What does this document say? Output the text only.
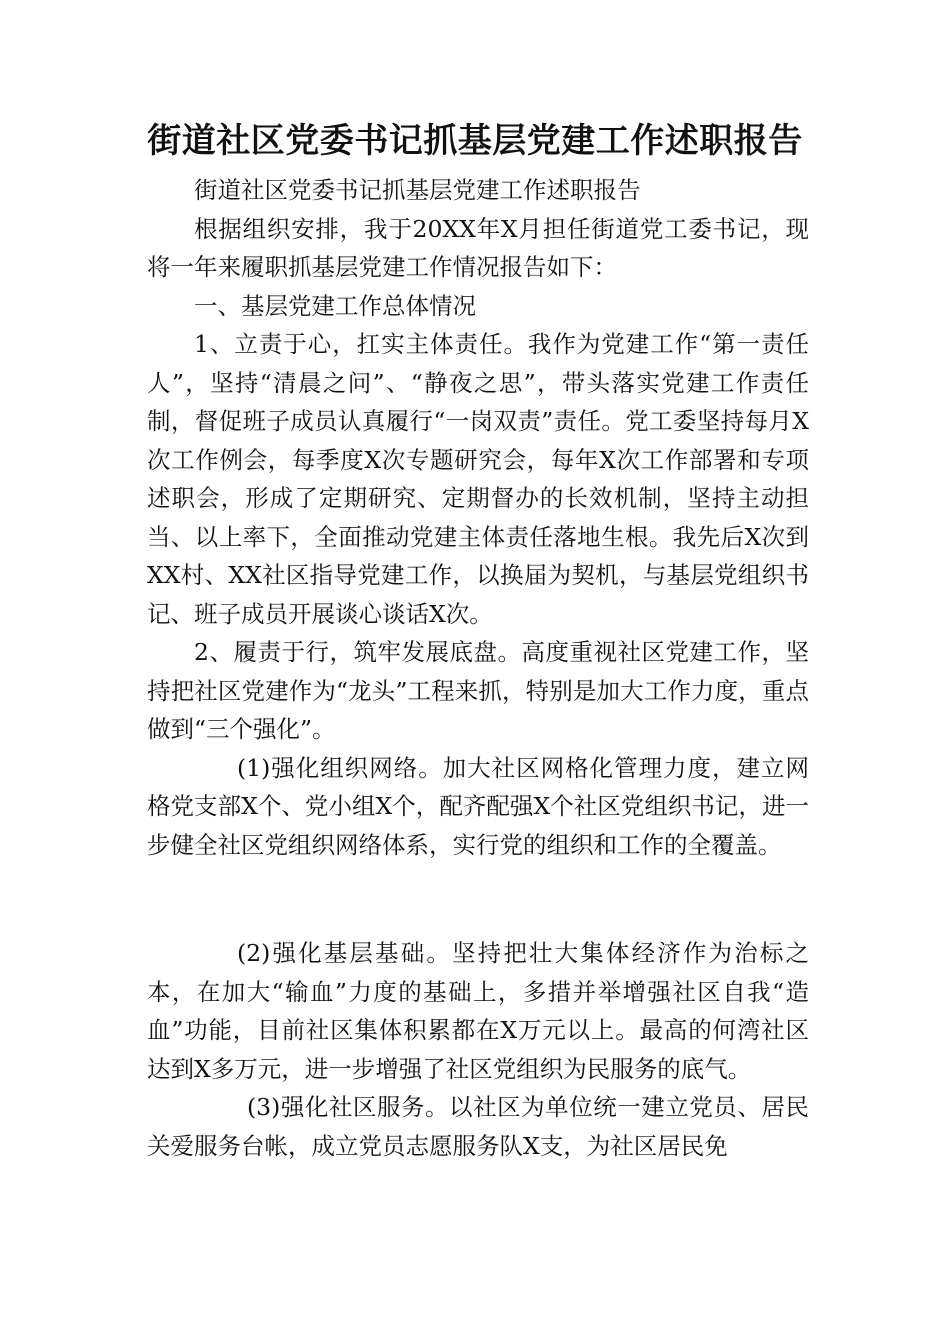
街道社区党委书记抓基层党建工作述职报告

街道社区党委书记抓基层党建工作述职报告

根据组织安排，我于20XX年X月担任街道党工委书记，现将一年来履职抓基层党建工作情况报告如下：

一、基层党建工作总体情况

1、立责于心，扛实主体责任。我作为党建工作“第一责任人”，坚持“清晨之问”、“静夜之思”，带头落实党建工作责任制，督促班子成员认真履行“一岗双责”责任。党工委坚持每月X次工作例会，每季度X次专题研究会，每年X次工作部署和专项述职会，形成了定期研究、定期督办的长效机制，坚持主动担当、以上率下，全面推动党建主体责任落地生根。我先后X次到XX村、XX社区指导党建工作，以换届为契机，与基层党组织书记、班子成员开展谈心谈话X次。

2、履责于行，筑牢发展底盘。高度重视社区党建工作，坚持把社区党建作为“龙头”工程来抓，特别是加大工作力度，重点做到“三个强化”。

(1)强化组织网络。加大社区网格化管理力度，建立网格党支部X个、党小组X个，配齐配强X个社区党组织书记，进一步健全社区党组织网络体系，实行党的组织和工作的全覆盖。

(2)强化基层基础。坚持把壮大集体经济作为治标之本，在加大“输血”力度的基础上，多措并举增强社区自我“造血”功能，目前社区集体积累都在X万元以上。最高的何湾社区达到X多万元，进一步增强了社区党组织为民服务的底气。

(3)强化社区服务。以社区为单位统一建立党员、居民关爱服务台帐，成立党员志愿服务队X支，为社区居民免
